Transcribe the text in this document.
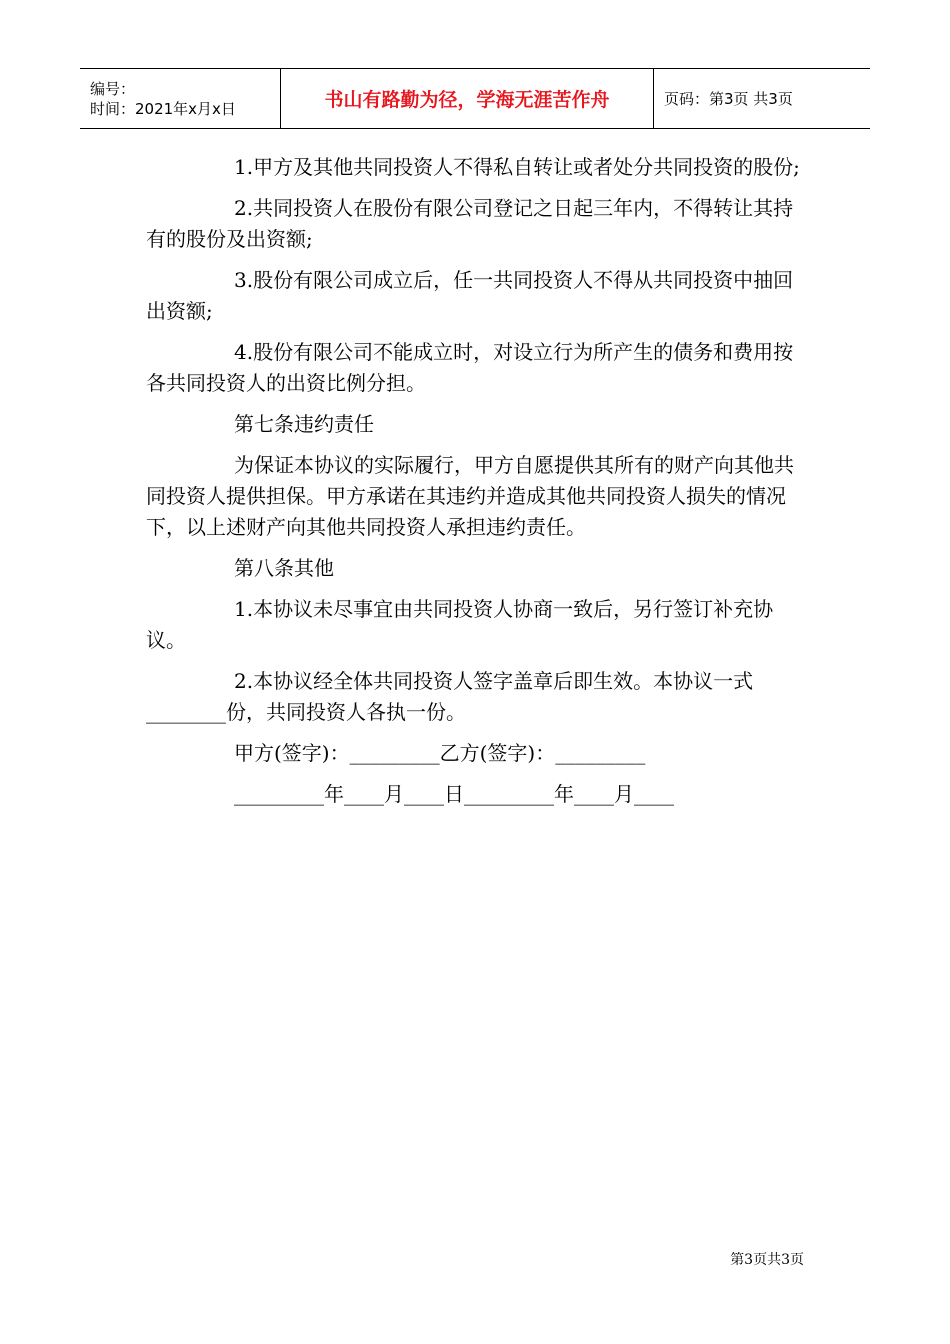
编号：
时间：2021年x月x日	书山有路勤为径，学海无涯苦作舟	页码：第3页 共3页

1.甲方及其他共同投资人不得私自转让或者处分共同投资的股份;

2.共同投资人在股份有限公司登记之日起三年内，不得转让其持有的股份及出资额;

3.股份有限公司成立后，任一共同投资人不得从共同投资中抽回出资额;

4.股份有限公司不能成立时，对设立行为所产生的债务和费用按各共同投资人的出资比例分担。

第七条违约责任

为保证本协议的实际履行，甲方自愿提供其所有的财产向其他共同投资人提供担保。甲方承诺在其违约并造成其他共同投资人损失的情况下，以上述财产向其他共同投资人承担违约责任。

第八条其他

1.本协议未尽事宜由共同投资人协商一致后，另行签订补充协议。

2.本协议经全体共同投资人签字盖章后即生效。本协议一式________份，共同投资人各执一份。

甲方(签字)：_________乙方(签字)：_________
_________年____月____日_________年____月____
第3页共3页
